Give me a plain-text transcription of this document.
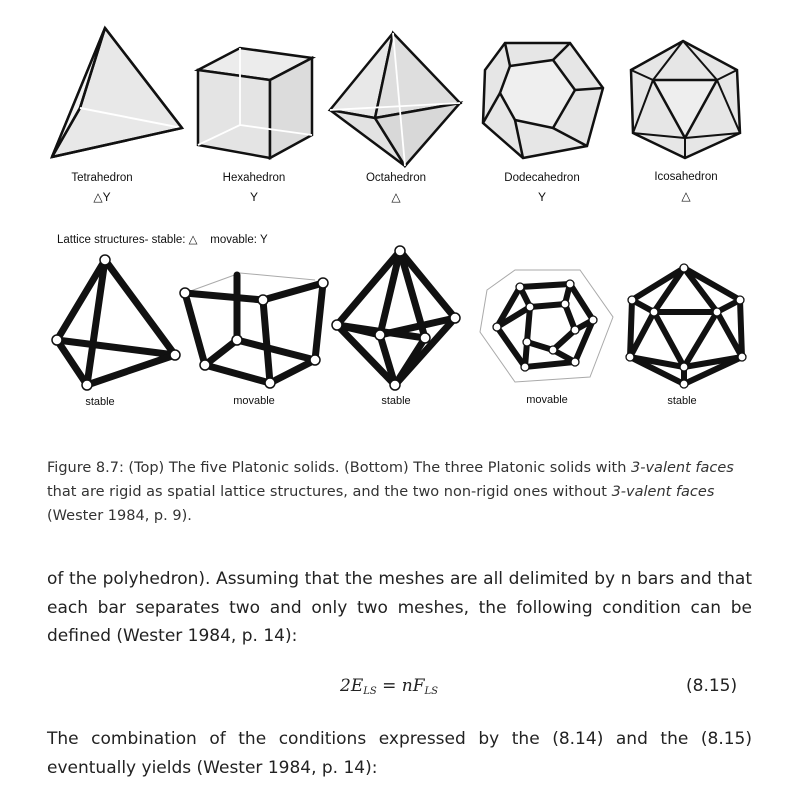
Tetrahedron
△Y
Hexahedron
Y
Octahedron
△
Dodecahedron
Y
Icosahedron
△
Lattice structures- stable: △    movable: Y
stable	movable	stable	movable	stable
Figure 8.7: (Top) The five Platonic solids. (Bottom) The three Platonic solids with 3-valent faces that are rigid as spatial lattice structures, and the two non-rigid ones without 3-valent faces (Wester 1984, p. 9).
of the polyhedron). Assuming that the meshes are all delimited by n bars and that each bar separates two and only two meshes, the following condition can be defined (Wester 1984, p. 14):
$2E_{LS} = nF_{LS}$	(8.15)
The combination of the conditions expressed by the (8.14) and the (8.15) eventually yields (Wester 1984, p. 14):
